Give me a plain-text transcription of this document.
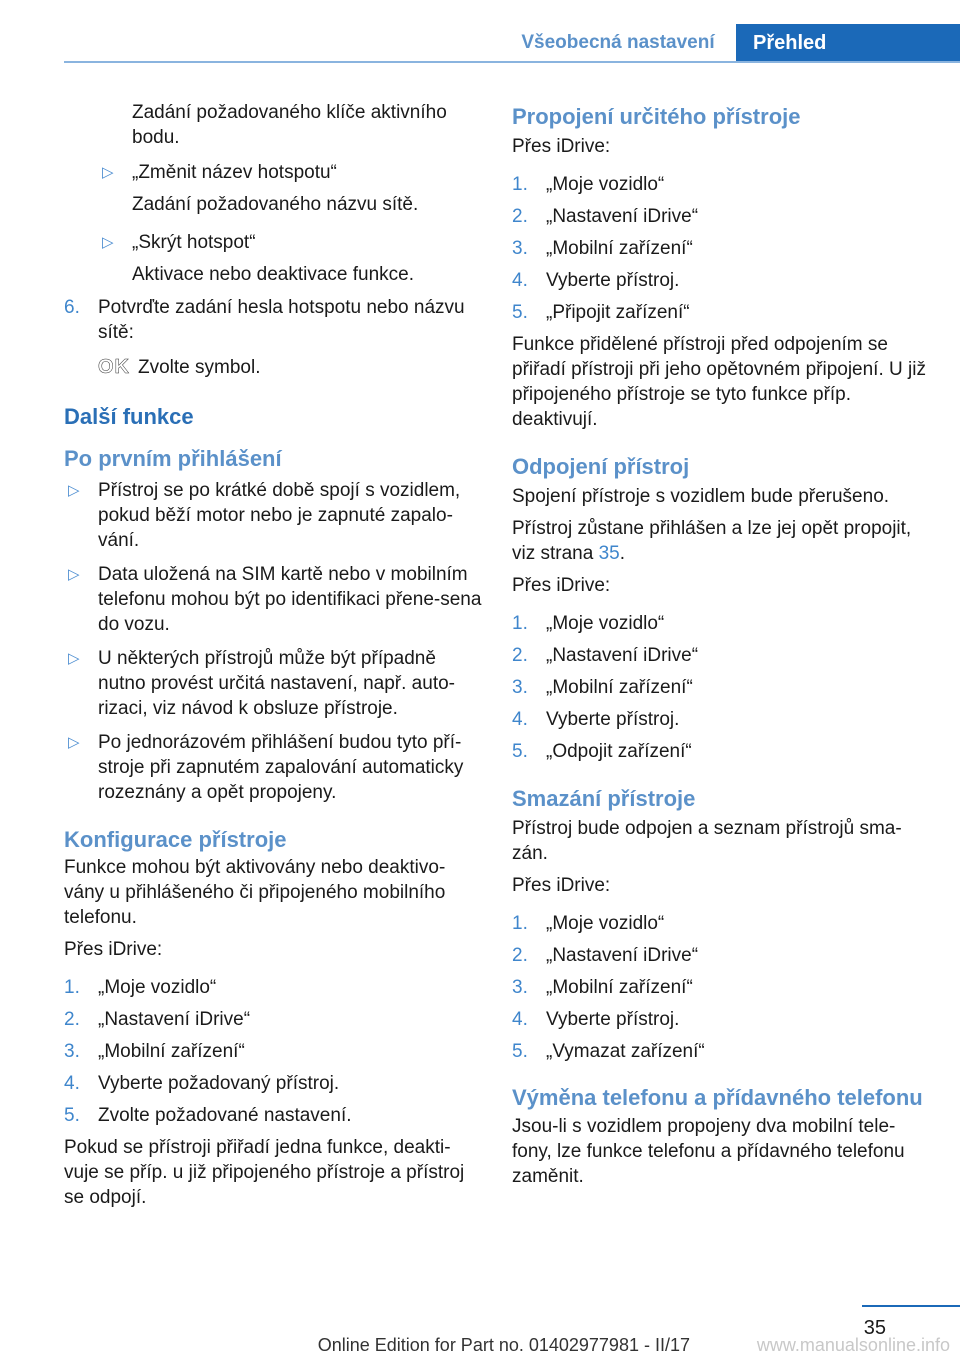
Všeobecná nastavení	Přehled

Zadání požadovaného klíče aktivního bodu.

▷ „Změnit název hotspotu“

Zadání požadovaného názvu sítě.

▷ „Skrýt hotspot“

Aktivace nebo deaktivace funkce.

6. Potvrďte zadání hesla hotspotu nebo názvu sítě:
OK Zvolte symbol.
Další funkce
Po prvním přihlášení
▷ Přístroj se po krátké době spojí s vozidlem, pokud běží motor nebo je zapnuté zapalo‐vání.
▷ Data uložená na SIM kartě nebo v mobilním telefonu mohou být po identifikaci přene‐sena do vozu.
▷ U některých přístrojů může být případně nutno provést určitá nastavení, např. auto‐rizaci, viz návod k obsluze přístroje.
▷ Po jednorázovém přihlášení budou tyto pří‐stroje při zapnutém zapalování automaticky rozeznány a opět propojeny.
Konfigurace přístroje

Funkce mohou být aktivovány nebo deaktivo‐vány u přihlášeného či připojeného mobilního telefonu.

Přes iDrive:

1. „Moje vozidlo“
2. „Nastavení iDrive“
3. „Mobilní zařízení“
4. Vyberte požadovaný přístroj.
5. Zvolte požadované nastavení.

Pokud se přístroji přiřadí jedna funkce, deakti‐vuje se příp. u již připojeného přístroje a přístroj se odpojí.

Propojení určitého přístroje

Přes iDrive:

1. „Moje vozidlo“
2. „Nastavení iDrive“
3. „Mobilní zařízení“
4. Vyberte přístroj.
5. „Připojit zařízení“

Funkce přidělené přístroji před odpojením se přiřadí přístroji při jeho opětovném připojení. U již připojeného přístroje se tyto funkce příp. deaktivují.

Odpojení přístroj

Spojení přístroje s vozidlem bude přerušeno.

Přístroj zůstane přihlášen a lze jej opět propojit, viz strana 35.

Přes iDrive:

1. „Moje vozidlo“
2. „Nastavení iDrive“
3. „Mobilní zařízení“
4. Vyberte přístroj.
5. „Odpojit zařízení“
Smazání přístroje

Přístroj bude odpojen a seznam přístrojů sma‐zán.

Přes iDrive:

1. „Moje vozidlo“
2. „Nastavení iDrive“
3. „Mobilní zařízení“
4. Vyberte přístroj.
5. „Vymazat zařízení“
Výměna telefonu a přídavného telefonu

Jsou-li s vozidlem propojeny dva mobilní tele‐fony, lze funkce telefonu a přídavného telefonu zaměnit.

35
Online Edition for Part no. 01402977981 - II/17	www.manualsonline.info
